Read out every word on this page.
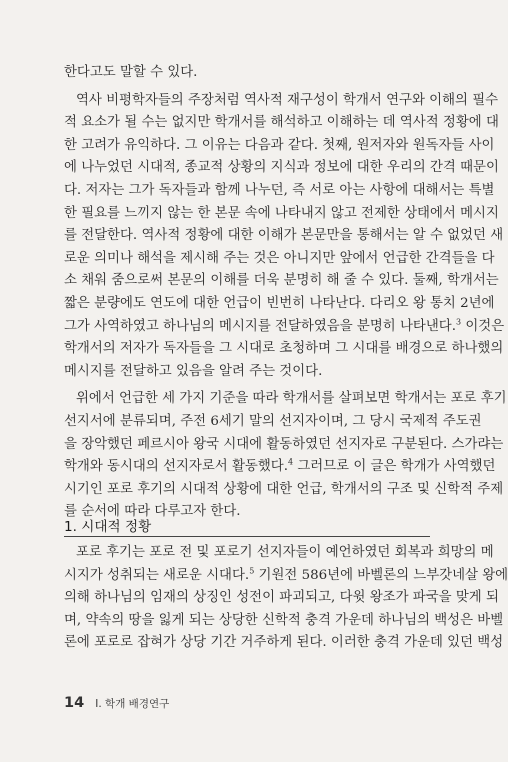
한다고도 말할 수 있다.
역사 비평학자들의 주장처럼 역사적 재구성이 학개서 연구와 이해의 필수
적 요소가 될 수는 없지만 학개서를 해석하고 이해하는 데 역사적 정황에 대
한 고려가 유익하다. 그 이유는 다음과 같다. 첫째, 원저자와 원독자들 사이
에 나누었던 시대적, 종교적 상황의 지식과 정보에 대한 우리의 간격 때문이
다. 저자는 그가 독자들과 함께 나누던, 즉 서로 아는 사항에 대해서는 특별
한 필요를 느끼지 않는 한 본문 속에 나타내지 않고 전제한 상태에서 메시지
를 전달한다. 역사적 정황에 대한 이해가 본문만을 통해서는 알 수 없었던 새
로운 의미나 해석을 제시해 주는 것은 아니지만 앞에서 언급한 간격들을 다
소 채워 줌으로써 본문의 이해를 더욱 분명히 해 줄 수 있다. 둘째, 학개서는
짧은 분량에도 연도에 대한 언급이 빈번히 나타난다. 다리오 왕 통치 2년에
그가 사역하였고 하나님의 메시지를 전달하였음을 분명히 나타낸다.$^3$ 이것은
학개서의 저자가 독자들을 그 시대로 초청하며 그 시대를 배경으로 하나했의
메시지를 전달하고 있음을 알려 주는 것이다.
위에서 언급한 세 가지 기준을 따라 학개서를 살펴보면 학개서는 포로 후기
선지서에 분류되며, 주전 6세기 말의 선지자이며, 그 당시 국제적 주도권
을 장악했던 페르시아 왕국 시대에 활동하였던 선지자로 구분된다. 스가랴는
학개와 동시대의 선지자로서 활동했다.$^4$ 그러므로 이 글은 학개가 사역했던
시기인 포로 후기의 시대적 상황에 대한 언급, 학개서의 구조 및 신학적 주제
를 순서에 따라 다루고자 한다.
1. 시대적 정황
포로 후기는 포로 전 및 포로기 선지자들이 예언하였던 회복과 희망의 메
시지가 성취되는 새로운 시대다.$^5$ 기원전 586년에 바벨론의 느부갓네살 왕에
의해 하나님의 임재의 상징인 성전이 파괴되고, 다윗 왕조가 파국을 맞게 되
며, 약속의 땅을 잃게 되는 상당한 신학적 충격 가운데 하나님의 백성은 바벨
론에 포로로 잡혀가 상당 기간 거주하게 된다. 이러한 충격 가운데 있던 백성
14 I. 학개 배경연구
